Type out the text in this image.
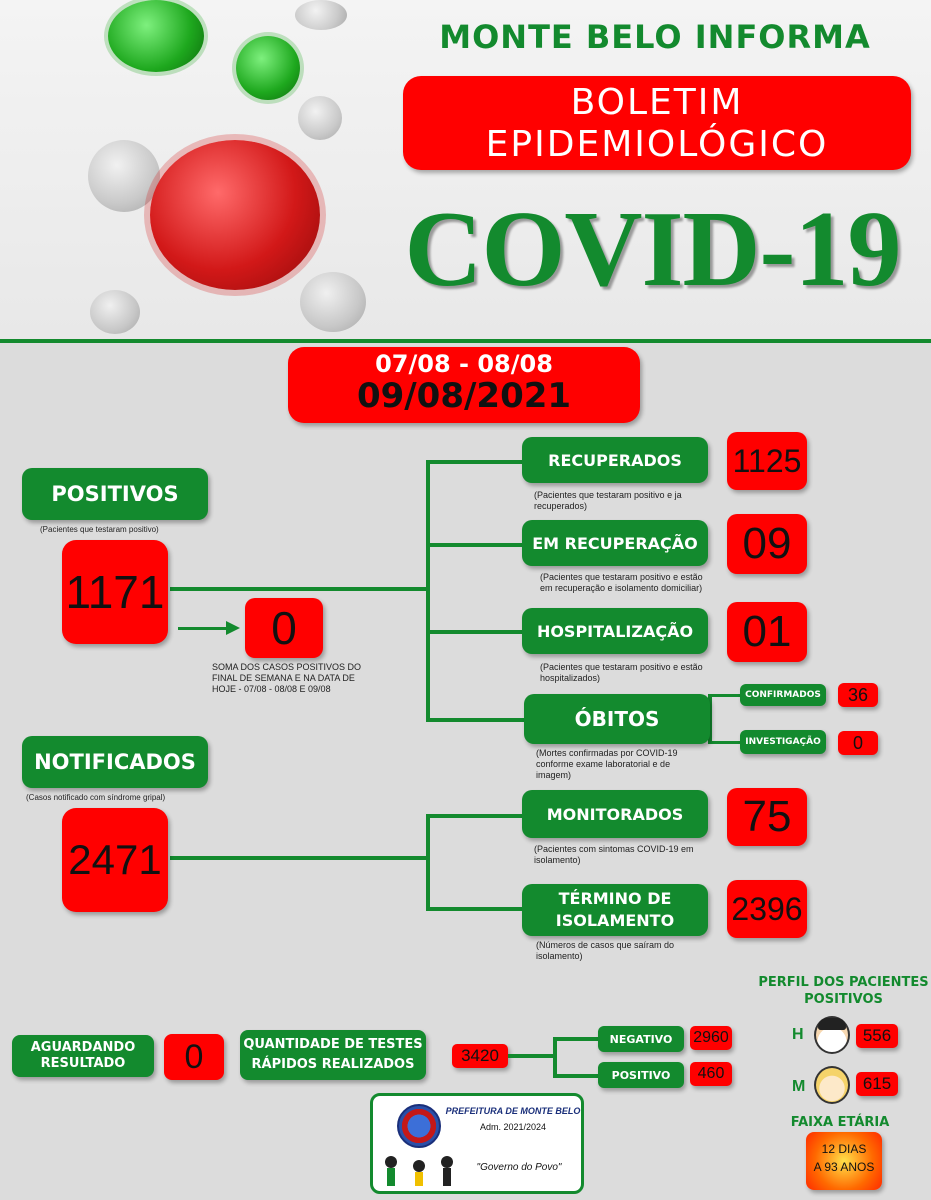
MONTE BELO INFORMA
BOLETIM
EPIDEMIOLÓGICO
COVID-19
07/08 - 08/08
09/08/2021
POSITIVOS
(Pacientes que testaram positivo)
1171
0
SOMA DOS CASOS POSITIVOS DO FINAL DE SEMANA E NA DATA DE HOJE - 07/08 - 08/08 E 09/08
RECUPERADOS	1125
(Pacientes que testaram positivo e ja recuperados)
EM RECUPERAÇÃO	09
(Pacientes que testaram positivo e estão em recuperação e isolamento domiciliar)
HOSPITALIZAÇÃO	01
(Pacientes que testaram positivo e estão hospitalizados)
ÓBITOS
(Mortes confirmadas por COVID-19 conforme exame laboratorial e de imagem)
CONFIRMADOS	36
INVESTIGAÇÃO	0
NOTIFICADOS
(Casos notificado com síndrome gripal)
2471
MONITORADOS	75
(Pacientes com sintomas COVID-19 em isolamento)
TÉRMINO DE
ISOLAMENTO 2396
(Números de casos que saíram do isolamento)
AGUARDANDO
RESULTADO	0	QUANTIDADE DE TESTES
RÁPIDOS REALIZADOS	3420
NEGATIVO	2960
POSITIVO	460
PERFIL DOS PACIENTES
POSITIVOS
H	556
M	615
FAIXA ETÁRIA
12 DIAS
A 93 ANOS
PREFEITURA DE MONTE BELO
Adm. 2021/2024
"Governo do Povo"
